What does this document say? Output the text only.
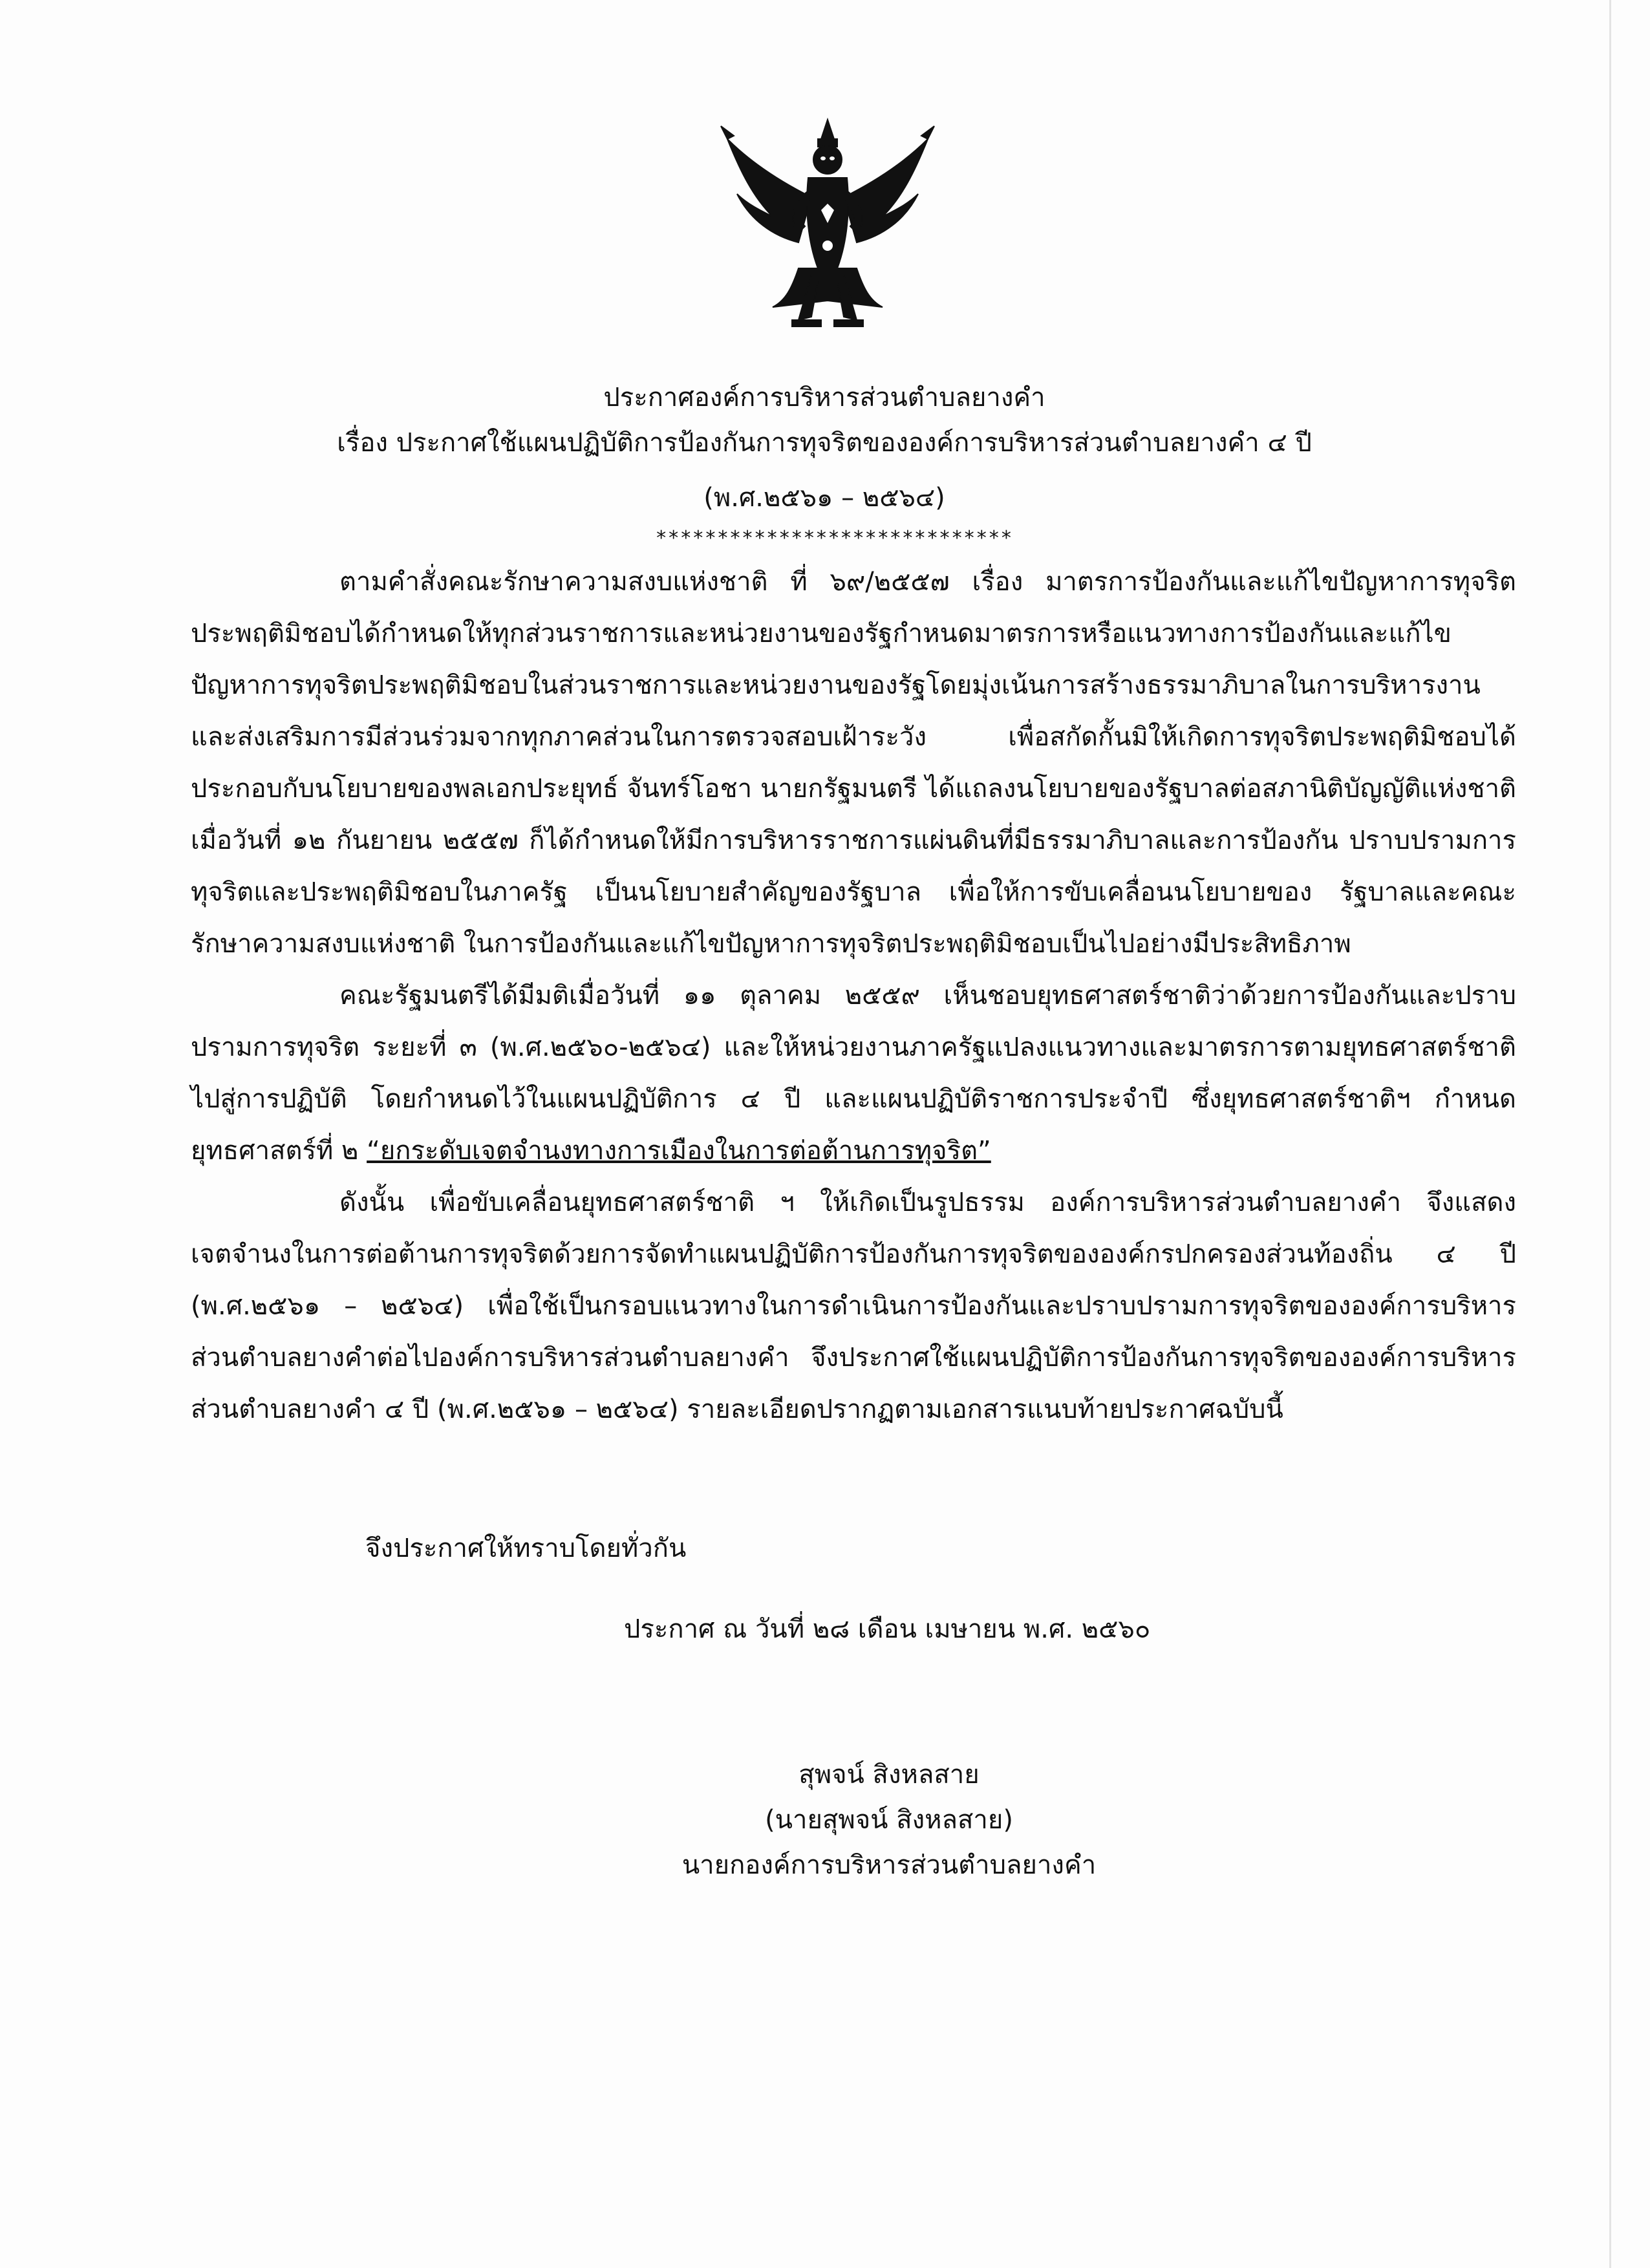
ประกาศองค์การบริหารส่วนตำบลยางคำ
เรื่อง ประกาศใช้แผนปฏิบัติการป้องกันการทุจริตขององค์การบริหารส่วนตำบลยางคำ ๔ ปี
(พ.ศ.๒๕๖๑ – ๒๕๖๔)
*****************************

ตามคำสั่งคณะรักษาความสงบแห่งชาติ ที่ ๖๙/๒๕๕๗ เรื่อง มาตรการป้องกันและแก้ไขปัญหาการทุจริตประพฤติมิชอบได้กำหนดให้ทุกส่วนราชการและหน่วยงานของรัฐกำหนดมาตรการหรือแนวทางการป้องกันและแก้ไขปัญหาการทุจริตประพฤติมิชอบในส่วนราชการและหน่วยงานของรัฐโดยมุ่งเน้นการสร้างธรรมาภิบาลในการบริหารงาน และส่งเสริมการมีส่วนร่วมจากทุกภาคส่วนในการตรวจสอบเฝ้าระวัง เพื่อสกัดกั้นมิให้เกิดการทุจริตประพฤติมิชอบได้ ประกอบกับนโยบายของพลเอกประยุทธ์ จันทร์โอชา นายกรัฐมนตรี ได้แถลงนโยบายของรัฐบาลต่อสภานิติบัญญัติแห่งชาติ เมื่อวันที่ ๑๒ กันยายน ๒๕๕๗ ก็ได้กำหนดให้มีการบริหารราชการแผ่นดินที่มีธรรมาภิบาลและการป้องกัน ปราบปรามการทุจริตและประพฤติมิชอบในภาครัฐ เป็นนโยบายสำคัญของรัฐบาล เพื่อให้การขับเคลื่อนนโยบายของ รัฐบาลและคณะรักษาความสงบแห่งชาติ ในการป้องกันและแก้ไขปัญหาการทุจริตประพฤติมิชอบเป็นไปอย่างมีประสิทธิภาพ

คณะรัฐมนตรีได้มีมติเมื่อวันที่ ๑๑ ตุลาคม ๒๕๕๙ เห็นชอบยุทธศาสตร์ชาติว่าด้วยการป้องกันและปราบปรามการทุจริต ระยะที่ ๓ (พ.ศ.๒๕๖๐-๒๕๖๔) และให้หน่วยงานภาครัฐแปลงแนวทางและมาตรการตามยุทธศาสตร์ชาติไปสู่การปฏิบัติ โดยกำหนดไว้ในแผนปฏิบัติการ ๔ ปี และแผนปฏิบัติราชการประจำปี ซึ่งยุทธศาสตร์ชาติฯ กำหนดยุทธศาสตร์ที่ ๒ “ยกระดับเจตจำนงทางการเมืองในการต่อต้านการทุจริต”

ดังนั้น เพื่อขับเคลื่อนยุทธศาสตร์ชาติ ฯ ให้เกิดเป็นรูปธรรม องค์การบริหารส่วนตำบลยางคำ จึงแสดงเจตจำนงในการต่อต้านการทุจริตด้วยการจัดทำแผนปฏิบัติการป้องกันการทุจริตขององค์กรปกครองส่วนท้องถิ่น ๔ ปี (พ.ศ.๒๕๖๑ – ๒๕๖๔) เพื่อใช้เป็นกรอบแนวทางในการดำเนินการป้องกันและปราบปรามการทุจริตขององค์การบริหารส่วนตำบลยางคำต่อไปองค์การบริหารส่วนตำบลยางคำ จึงประกาศใช้แผนปฏิบัติการป้องกันการทุจริตขององค์การบริหารส่วนตำบลยางคำ ๔ ปี (พ.ศ.๒๕๖๑ – ๒๕๖๔) รายละเอียดปรากฏตามเอกสารแนบท้ายประกาศฉบับนี้

จึงประกาศให้ทราบโดยทั่วกัน
ประกาศ ณ วันที่ ๒๘ เดือน เมษายน พ.ศ. ๒๕๖๐
สุพจน์ สิงหลสาย
(นายสุพจน์ สิงหลสาย)
นายกองค์การบริหารส่วนตำบลยางคำ
